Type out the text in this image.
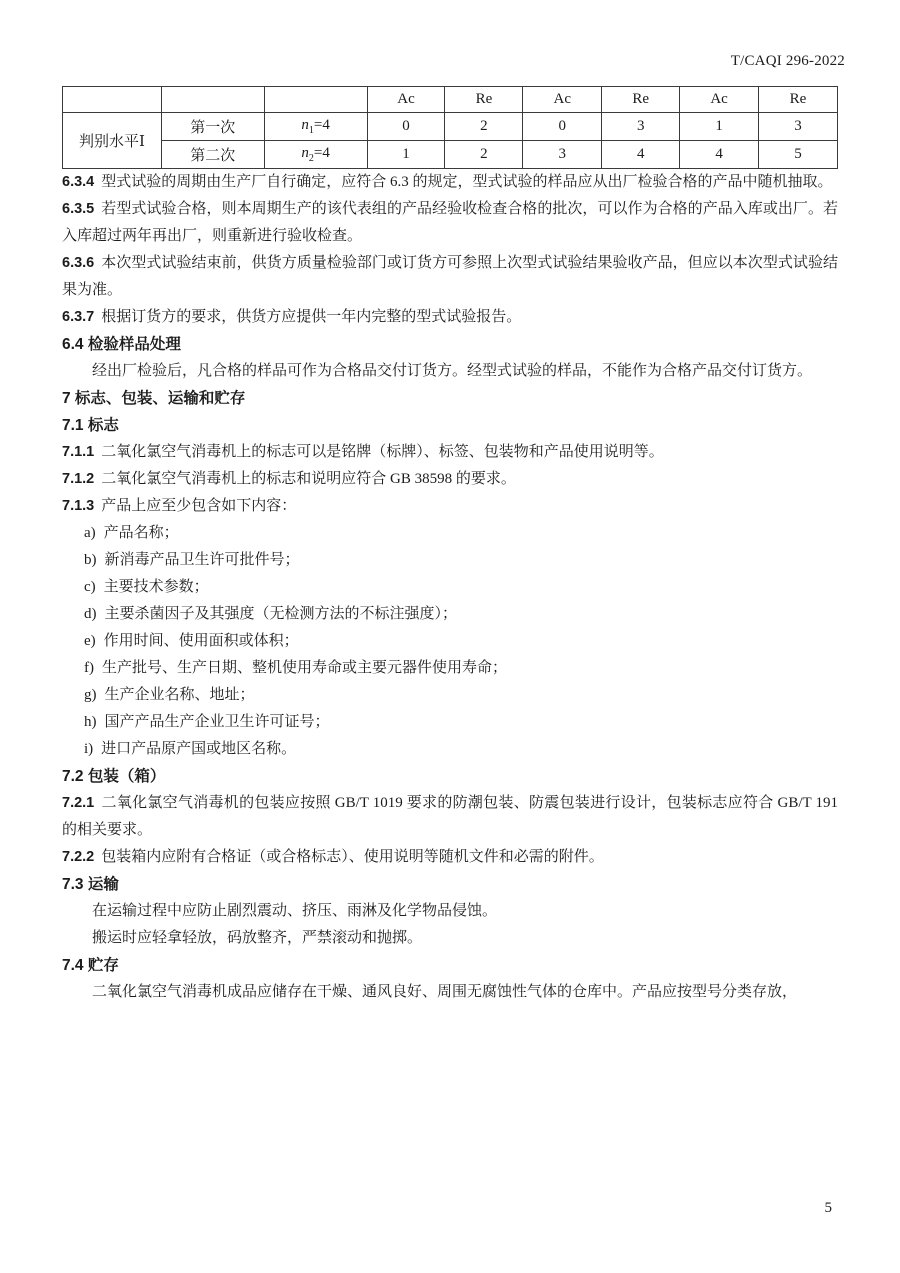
T/CAQI 296-2022
			Ac	Re	Ac	Re	Ac	Re
判别水平Ⅰ	第一次	$n_1=4$	0	2	0	3	1	3
	第二次	$n_2=4$	1	2	3	4	4	5

6.3.4 型式试验的周期由生产厂自行确定，应符合 6.3 的规定，型式试验的样品应从出厂检验合格的产品中随机抽取。

6.3.5 若型式试验合格，则本周期生产的该代表组的产品经验收检查合格的批次，可以作为合格的产品入库或出厂。若入库超过两年再出厂，则重新进行验收检查。

6.3.6 本次型式试验结束前，供货方质量检验部门或订货方可参照上次型式试验结果验收产品，但应以本次型式试验结果为准。

6.3.7 根据订货方的要求，供货方应提供一年内完整的型式试验报告。

6.4 检验样品处理

经出厂检验后，凡合格的样品可作为合格品交付订货方。经型式试验的样品，不能作为合格产品交付订货方。

7 标志、包装、运输和贮存

7.1 标志

7.1.1 二氧化氯空气消毒机上的标志可以是铭牌（标牌）、标签、包装物和产品使用说明等。

7.1.2 二氧化氯空气消毒机上的标志和说明应符合 GB 38598 的要求。

7.1.3 产品上应至少包含如下内容：

a) 产品名称；

b) 新消毒产品卫生许可批件号；

c) 主要技术参数；

d) 主要杀菌因子及其强度（无检测方法的不标注强度）；

e) 作用时间、使用面积或体积；

f) 生产批号、生产日期、整机使用寿命或主要元器件使用寿命；

g) 生产企业名称、地址；

h) 国产产品生产企业卫生许可证号；

i) 进口产品原产国或地区名称。

7.2 包装（箱）

7.2.1 二氧化氯空气消毒机的包装应按照 GB/T 1019 要求的防潮包装、防震包装进行设计，包装标志应符合 GB/T 191 的相关要求。

7.2.2 包装箱内应附有合格证（或合格标志）、使用说明等随机文件和必需的附件。

7.3 运输

在运输过程中应防止剧烈震动、挤压、雨淋及化学物品侵蚀。

搬运时应轻拿轻放，码放整齐，严禁滚动和抛掷。

7.4 贮存

二氧化氯空气消毒机成品应储存在干燥、通风良好、周围无腐蚀性气体的仓库中。产品应按型号分类存放，

5
